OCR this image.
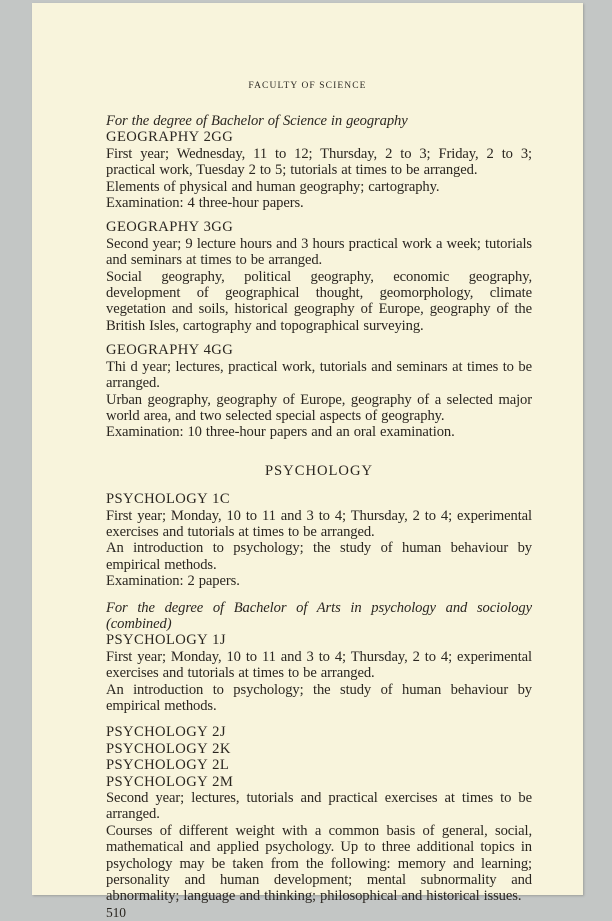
FACULTY OF SCIENCE

For the degree of Bachelor of Science in geography

GEOGRAPHY 2GG

First year; Wednesday, 11 to 12; Thursday, 2 to 3; Friday, 2 to 3; practical work, Tuesday 2 to 5; tutorials at times to be arranged.

Elements of physical and human geography; cartography.

Examination: 4 three-hour papers.

GEOGRAPHY 3GG

Second year; 9 lecture hours and 3 hours practical work a week; tutorials and seminars at times to be arranged.

Social geography, political geography, economic geography, development of geographical thought, geomorphology, climate vegetation and soils, historical geography of Europe, geography of the British Isles, cartography and topographical surveying.

GEOGRAPHY 4GG

Thi d year; lectures, practical work, tutorials and seminars at times to be arranged.

Urban geography, geography of Europe, geography of a selected major world area, and two selected special aspects of geography.

Examination: 10 three-hour papers and an oral examination.

PSYCHOLOGY

PSYCHOLOGY 1C

First year; Monday, 10 to 11 and 3 to 4; Thursday, 2 to 4; experimental exercises and tutorials at times to be arranged.

An introduction to psychology; the study of human behaviour by empirical methods.

Examination: 2 papers.

For the degree of Bachelor of Arts in psychology and sociology (combined)

PSYCHOLOGY 1J

First year; Monday, 10 to 11 and 3 to 4; Thursday, 2 to 4; experimental exercises and tutorials at times to be arranged.

An introduction to psychology; the study of human behaviour by empirical methods.

PSYCHOLOGY 2J

PSYCHOLOGY 2K

PSYCHOLOGY 2L

PSYCHOLOGY 2M

Second year; lectures, tutorials and practical exercises at times to be arranged.

Courses of different weight with a common basis of general, social, mathematical and applied psychology. Up to three additional topics in psychology may be taken from the following: memory and learning; personality and human development; mental subnormality and abnormality; language and thinking; philosophical and historical issues.

510
